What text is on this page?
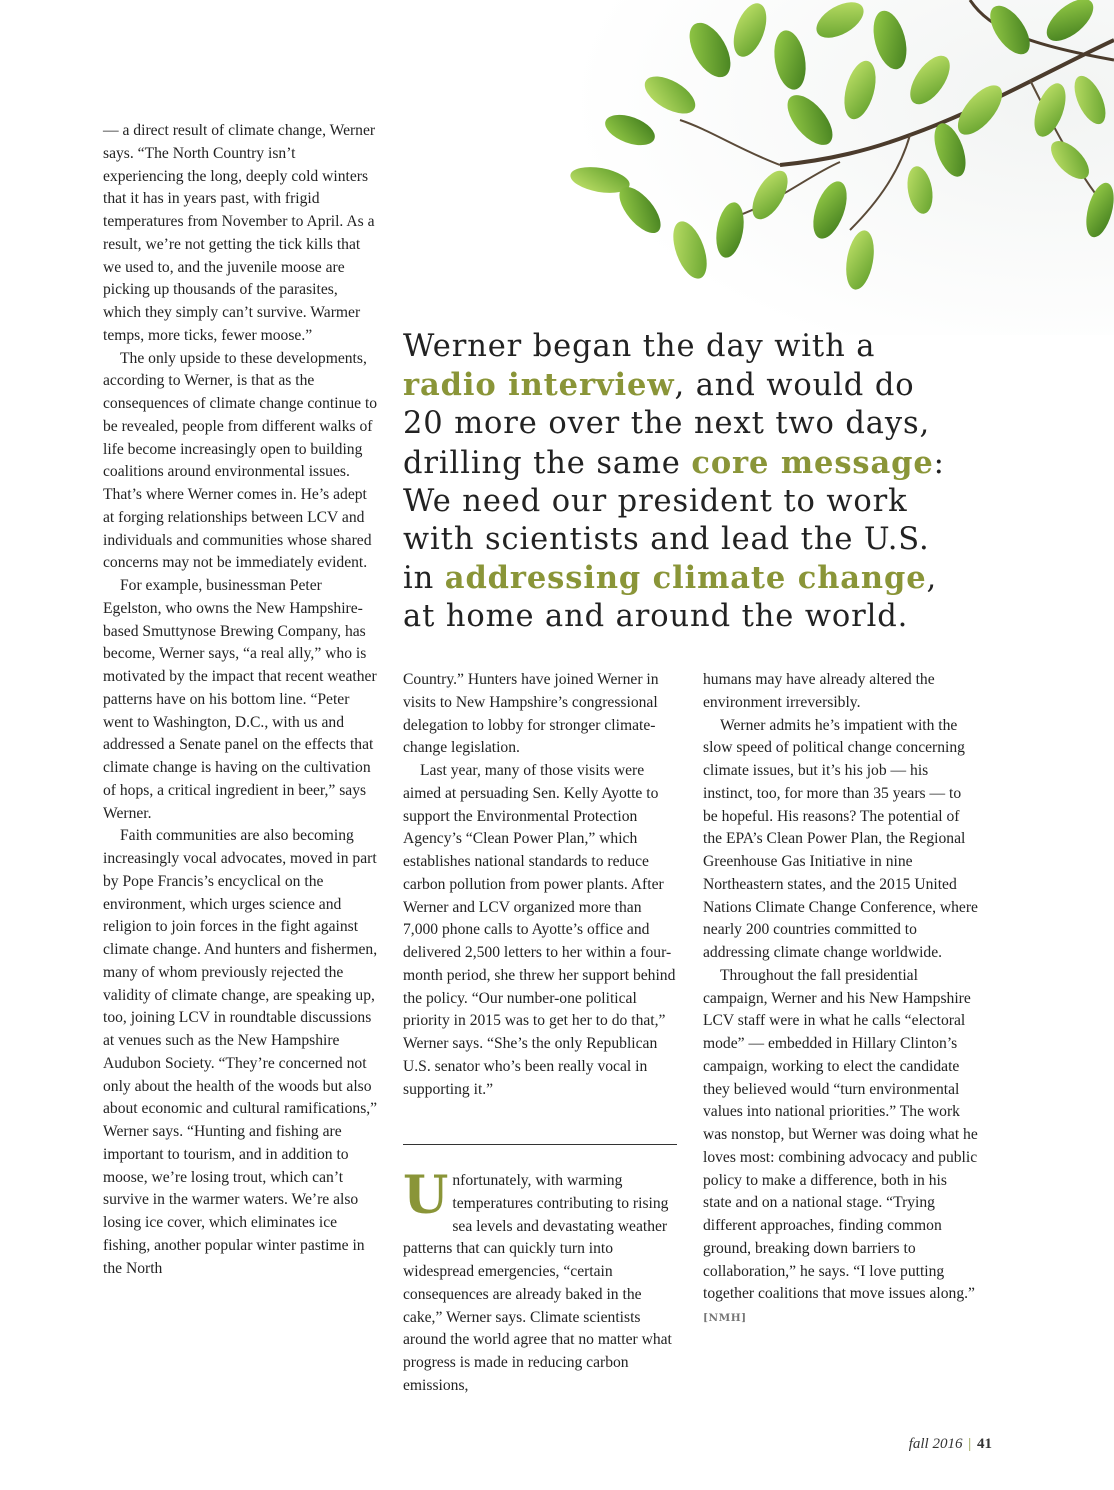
— a direct result of climate change, Werner says. “The North Country isn’t experiencing the long, deeply cold winters that it has in years past, with frigid temperatures from November to April. As a result, we’re not getting the tick kills that we used to, and the juvenile moose are picking up thousands of the parasites, which they simply can’t survive. Warmer temps, more ticks, fewer moose.”

The only upside to these developments, according to Werner, is that as the consequences of climate change continue to be revealed, people from different walks of life become increasingly open to building coalitions around environmental issues. That’s where Werner comes in. He’s adept at forging relationships between LCV and individuals and communities whose shared concerns may not be immediately evident.

For example, businessman Peter Egelston, who owns the New Hampshire-based Smuttynose Brewing Company, has become, Werner says, “a real ally,” who is motivated by the impact that recent weather patterns have on his bottom line. “Peter went to Washington, D.C., with us and addressed a Senate panel on the effects that climate change is having on the cultivation of hops, a critical ingredient in beer,” says Werner.

Faith communities are also becoming increasingly vocal advocates, moved in part by Pope Francis’s encyclical on the environment, which urges science and religion to join forces in the fight against climate change. And hunters and fishermen, many of whom previously rejected the validity of climate change, are speaking up, too, joining LCV in roundtable discussions at venues such as the New Hampshire Audubon Society. “They’re concerned not only about the health of the woods but also about economic and cultural ramifications,” Werner says. “Hunting and fishing are important to tourism, and in addition to moose, we’re losing trout, which can’t survive in the warmer waters. We’re also losing ice cover, which eliminates ice fishing, another popular winter pastime in the North

Werner began the day with a
radio interview, and would do
20 more over the next two days,
drilling the same core message:
We need our president to work
with scientists and lead the U.S.
in addressing climate change,
at home and around the world.

Country.” Hunters have joined Werner in visits to New Hampshire’s congressional delegation to lobby for stronger climate-change legislation.

Last year, many of those visits were aimed at persuading Sen. Kelly Ayotte to support the Environmental Protection Agency’s “Clean Power Plan,” which establishes national standards to reduce carbon pollution from power plants. After Werner and LCV organized more than 7,000 phone calls to Ayotte’s office and delivered 2,500 letters to her within a four-month period, she threw her support behind the policy. “Our number-one political priority in 2015 was to get her to do that,” Werner says. “She’s the only Republican U.S. senator who’s been really vocal in supporting it.”

Unfortunately, with warming temperatures contributing to rising sea levels and devastating weather patterns that can quickly turn into widespread emergencies, “certain consequences are already baked in the cake,” Werner says. Climate scientists around the world agree that no matter what progress is made in reducing carbon emissions,

humans may have already altered the environment irreversibly.

Werner admits he’s impatient with the slow speed of political change concerning climate issues, but it’s his job — his instinct, too, for more than 35 years — to be hopeful. His reasons? The potential of the EPA’s Clean Power Plan, the Regional Greenhouse Gas Initiative in nine Northeastern states, and the 2015 United Nations Climate Change Conference, where nearly 200 countries committed to addressing climate change worldwide.

Throughout the fall presidential campaign, Werner and his New Hampshire LCV staff were in what he calls “electoral mode” — embedded in Hillary Clinton’s campaign, working to elect the candidate they believed would “turn environmental values into national priorities.” The work was nonstop, but Werner was doing what he loves most: combining advocacy and public policy to make a difference, both in his state and on a national stage. “Trying different approaches, finding common ground, breaking down barriers to collaboration,” he says. “I love putting together coalitions that move issues along.” [NMH]

fall 2016 | 41
